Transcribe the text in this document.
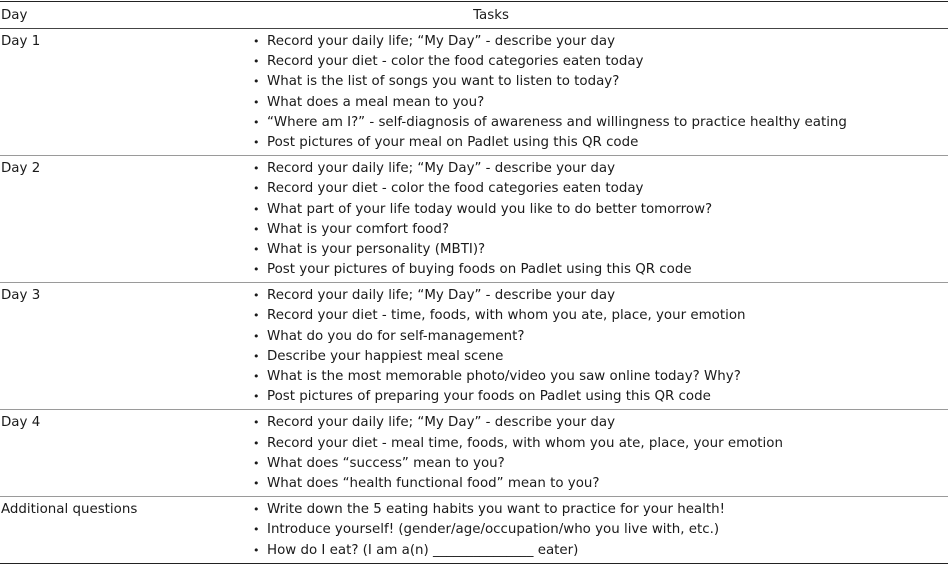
Day	Tasks
Day 1	• Record your daily life; “My Day” - describe your day
• Record your diet - color the food categories eaten today
• What is the list of songs you want to listen to today?
• What does a meal mean to you?
• “Where am I?” - self-diagnosis of awareness and willingness to practice healthy eating
• Post pictures of your meal on Padlet using this QR code
Day 2	• Record your daily life; “My Day” - describe your day
• Record your diet - color the food categories eaten today
• What part of your life today would you like to do better tomorrow?
• What is your comfort food?
• What is your personality (MBTI)?
• Post your pictures of buying foods on Padlet using this QR code
Day 3	• Record your daily life; “My Day” - describe your day
• Record your diet - time, foods, with whom you ate, place, your emotion
• What do you do for self-management?
• Describe your happiest meal scene
• What is the most memorable photo/video you saw online today? Why?
• Post pictures of preparing your foods on Padlet using this QR code
Day 4	• Record your daily life; “My Day” - describe your day
• Record your diet - meal time, foods, with whom you ate, place, your emotion
• What does “success” mean to you?
• What does “health functional food” mean to you?
Additional questions	• Write down the 5 eating habits you want to practice for your health!
• Introduce yourself! (gender/age/occupation/who you live with, etc.)
• How do I eat? (I am a(n) _______________ eater)
